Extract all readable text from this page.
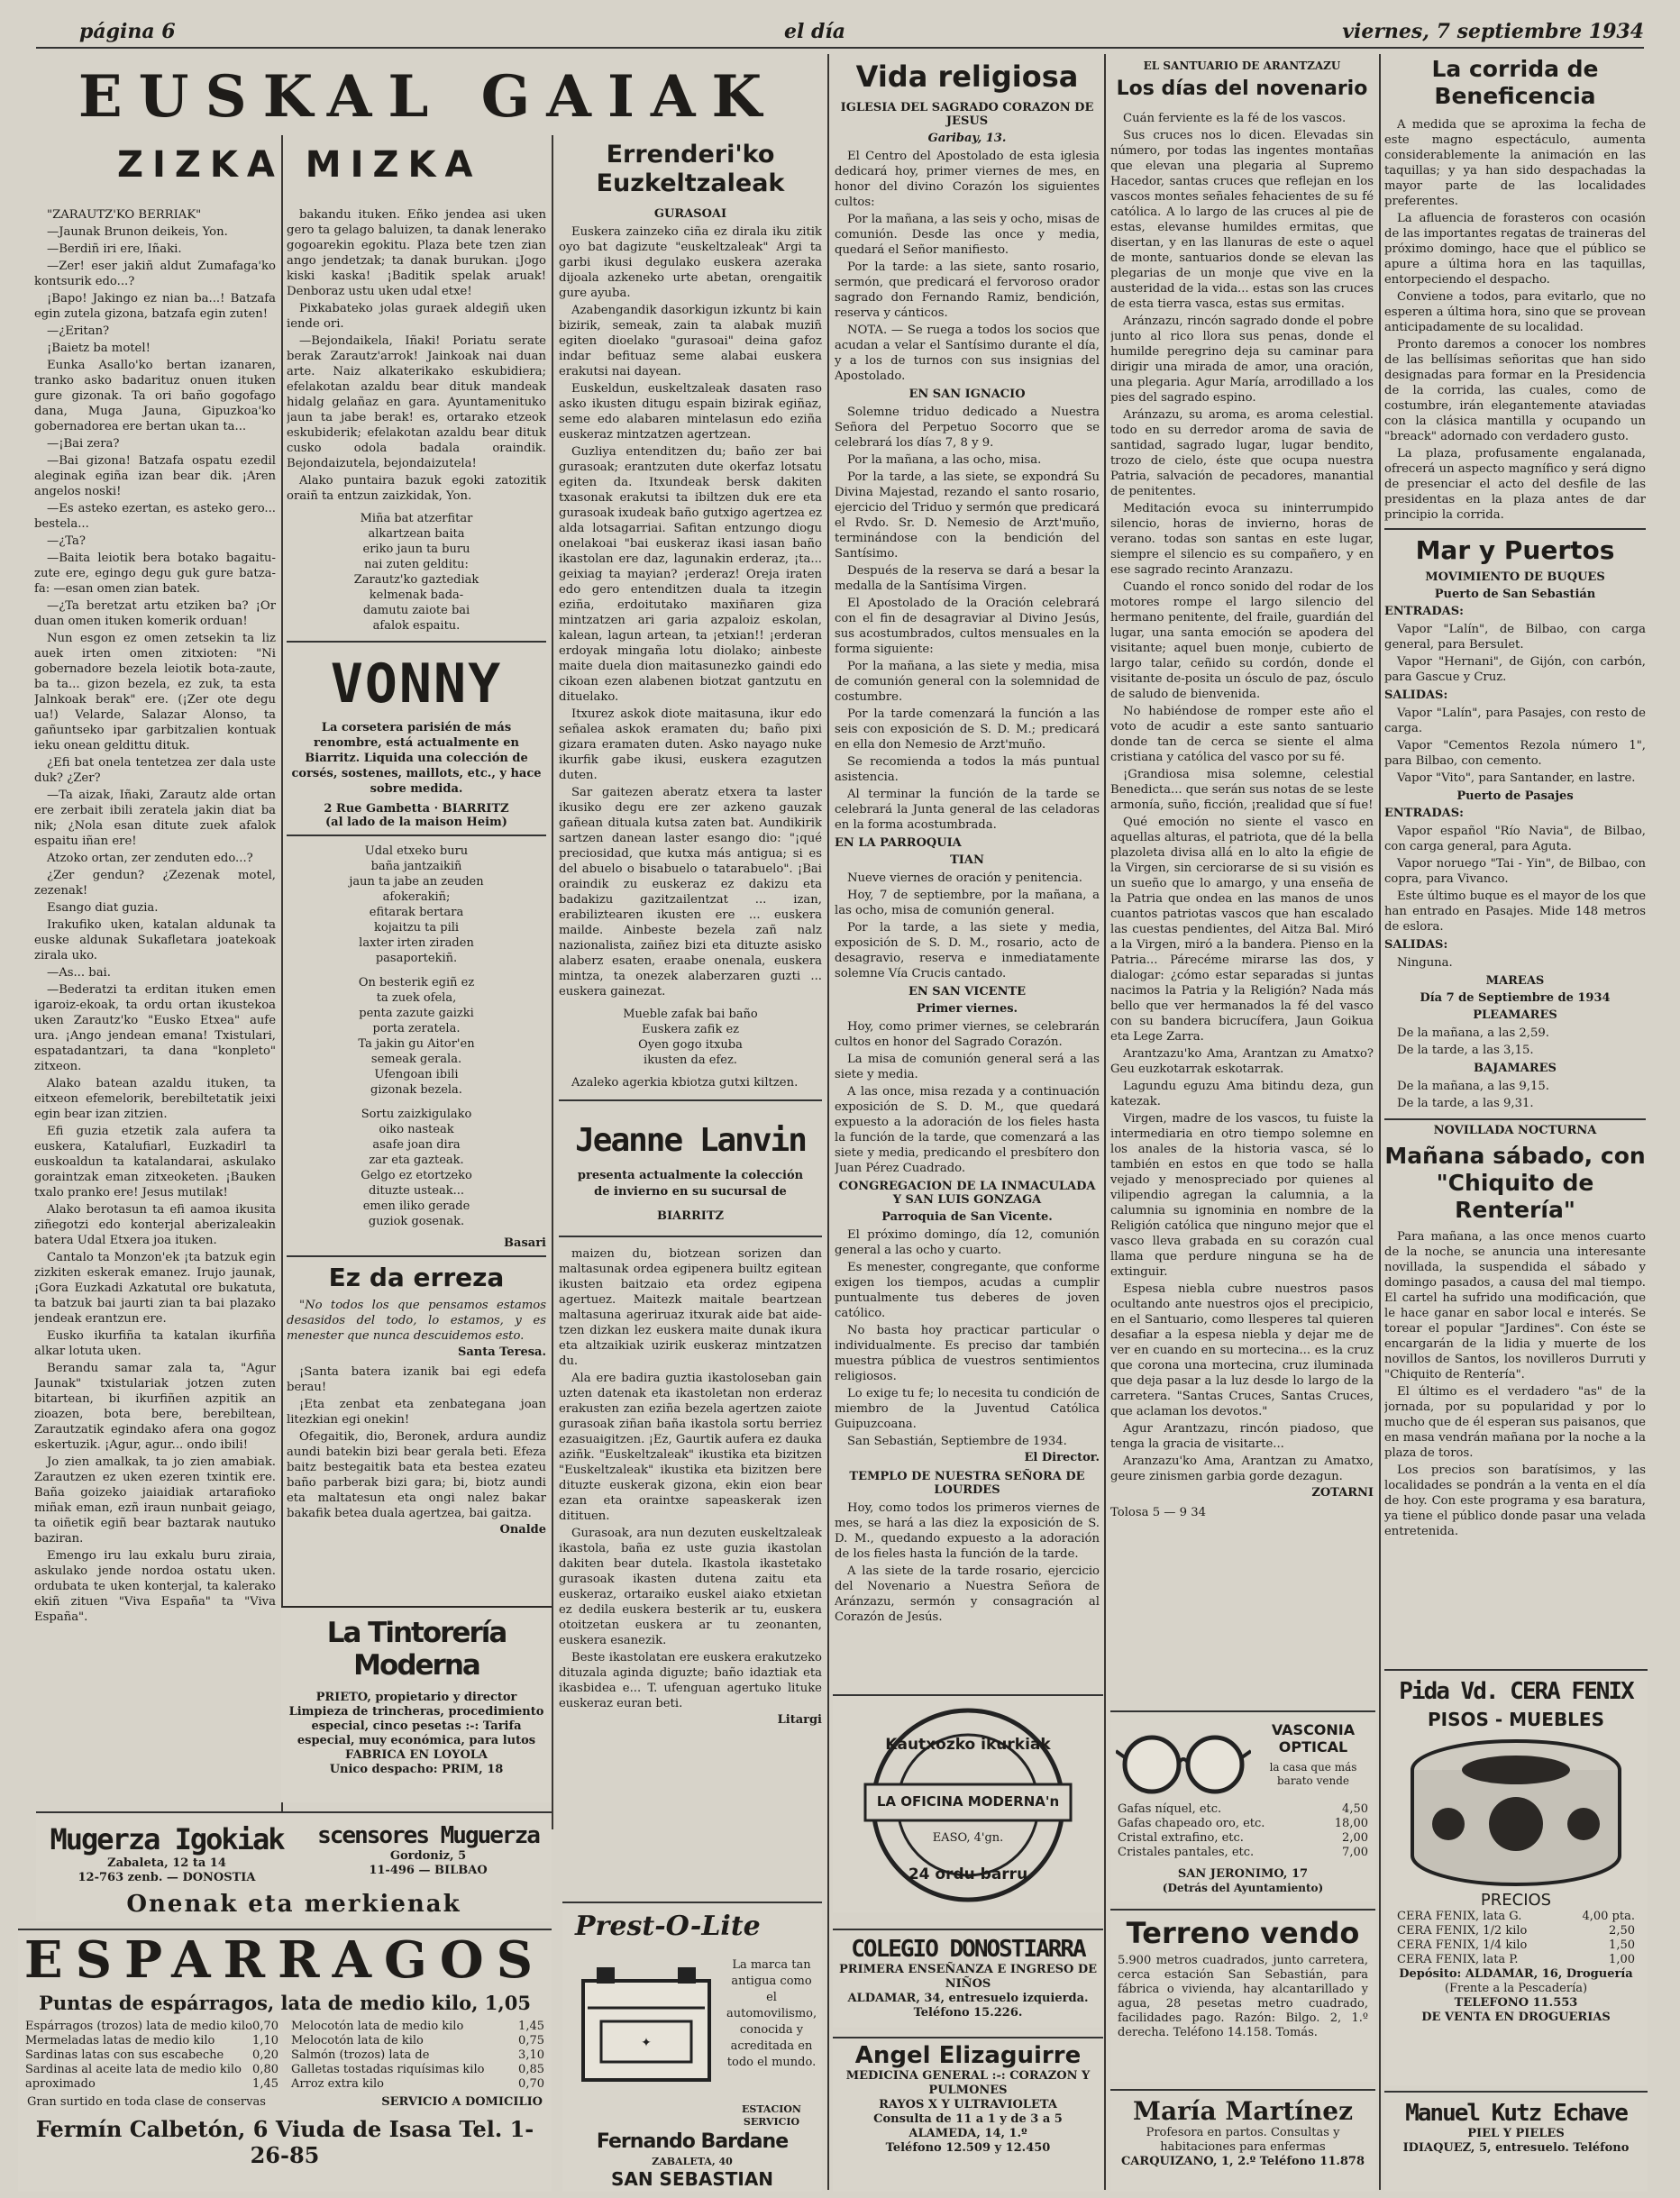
página 6	el día	viernes, 7 septiembre 1934
EUSKAL GAIAK
ZIZKA MIZKA

"ZARAUTZ'KO BERRIAK"

—Jaunak Brunon deikeis, Yon.

—Berdiñ iri ere, Iñaki.

—Zer! eser jakiñ aldut Zumafaga'ko kontsurik edo...?

¡Bapo! Jakingo ez nian ba...! Batzafa egin zutela gizona, batzafa egin zuten!

—¿Eritan?

¡Baietz ba motel!

Eunka Asallo'ko bertan izanaren, tranko asko badarituz onuen ituken gure gizonak. Ta ori baño gogofago dana, Muga Jauna, Gipuzkoa'ko gobernadorea ere bertan ukan ta...

—¡Bai zera?

—Bai gizona! Batzafa ospatu ezedil aleginak egiña izan bear dik. ¡Aren angelos noski!

—Es asteko ezertan, es asteko gero... bestela...

—¿Ta?

—Baita leiotik bera botako bagaitu-zute ere, egingo degu guk gure batza-fa: —esan omen zian batek.

—¿Ta beretzat artu etziken ba? ¡Or duan omen ituken komerik orduan!

Nun esgon ez omen zetsekin ta liz auek irten omen zitxioten: "Ni gobernadore bezela leiotik bota-zaute, ba ta... gizon bezela, ez zuk, ta esta Jalnkoak berak" ere. (¡Zer ote degu ua!) Velarde, Salazar Alonso, ta gañuntseko ipar garbitzalien kontuak ieku onean geldittu dituk.

¿Efi bat onela tentetzea zer dala uste duk? ¿Zer?

—Ta aizak, Iñaki, Zarautz alde ortan ere zerbait ibili zeratela jakin diat ba nik; ¿Nola esan ditute zuek afalok espaitu iñan ere!

Atzoko ortan, zer zenduten edo...?

¿Zer gendun? ¿Zezenak motel, zezenak!

Esango diat guzia.

Irakufiko uken, katalan aldunak ta euske aldunak Sukafletara joatekoak zirala uko.

—As... bai.

—Bederatzi ta erditan ituken emen igaroiz-ekoak, ta ordu ortan ikustekoa uken Zarautz'ko "Eusko Etxea" aufe ura. ¡Ango jendean emana! Txistulari, espatadantzari, ta dana "konpleto" zitxeon.

Alako batean azaldu ituken, ta eitxeon efemelorik, berebiltetatik jeixi egin bear izan zitzien.

Efi guzia etzetik zala aufera ta euskera, Katalufiarl, Euzkadirl ta euskoaldun ta katalandarai, askulako goraintzak eman zitxeoketen. ¡Bauken txalo pranko ere! Jesus mutilak!

Alako berotasun ta efi aamoa ikusita ziñegotzi edo konterjal aberizaleakin batera Udal Etxera joa ituken.

Cantalo ta Monzon'ek ¡ta batzuk egin zizkiten eskerak emanez. Irujo jaunak, ¡Gora Euzkadi Azkatutal ore bukatuta, ta batzuk bai jaurti zian ta bai plazako jendeak erantzun ere.

Eusko ikurfiña ta katalan ikurfiña alkar lotuta uken.

Berandu samar zala ta, "Agur Jaunak" txistulariak jotzen zuten bitartean, bi ikurfiñen azpitik an zioazen, bota bere, berebiltean, Zarautzatik egindako afera ona gogoz eskertuzik. ¡Agur, agur... ondo ibili!

Jo zien amalkak, ta jo zien amabiak. Zarautzen ez uken ezeren txintik ere. Baña goizeko jaiaidiak artarafioko miñak eman, ezñ iraun nunbait geiago, ta oiñetik egiñ bear baztarak nautuko baziran.

Emengo iru lau exkalu buru ziraia, askulako jende nordoa ostatu uken. ordubata te uken konterjal, ta kalerako ekiñ zituen "Viva España" ta "Viva España".

bakandu ituken. Eñko jendea asi uken gero ta gelago baluizen, ta danak lenerako gogoarekin egokitu. Plaza bete tzen zian ango jendetzak; ta danak burukan. ¡Jogo kiski kaska! ¡Baditik spelak aruak! Denboraz ustu uken udal etxe!

Pixkabateko jolas guraek aldegiñ uken iende ori.

—Bejondaikela, Iñaki! Poriatu serate berak Zarautz'arrok! Jainkoak nai duan arte. Naiz alkaterikako eskubidiera; efelakotan azaldu bear dituk mandeak hidalg gelañaz en gara. Ayuntamenituko jaun ta jabe berak! es, ortarako etzeok eskubiderik; efelakotan azaldu bear dituk cusko odola badala oraindik. Bejondaizutela, bejondaizutela!

Alako puntaira bazuk egoki zatozitik oraiñ ta entzun zaizkidak, Yon.

Miña bat atzerfitar
alkartzean baita
eriko jaun ta buru
nai zuten gelditu:
Zarautz'ko gaztediak
kelmenak bada-
damutu zaiote bai
afalok espaitu.
VONNY
La corsetera parisién de más renombre, está actualmente en Biarritz. Liquida una colección de corsés, sostenes, maillots, etc., y hace sobre medida.
2 Rue Gambetta · BIARRITZ
(al lado de la maison Heim)
Udal etxeko buru
baña jantzaikiñ
jaun ta jabe an zeuden
afokerakiñ;
efitarak bertara
kojaitzu ta pili
laxter irten ziraden
pasaportekiñ.
On besterik egiñ ez
ta zuek ofela,
penta zazute gaizki
porta zeratela.
Ta jakin gu Aitor'en
semeak gerala.
Ufengoan ibili
gizonak bezela.
Sortu zaizkigulako
oiko nasteak
asafe joan dira
zar eta gazteak.
Gelgo ez etortzeko
dituzte usteak...
emen iliko gerade
guziok gosenak.
Basari
Ez da erreza

"No todos los que pensamos estamos desasidos del todo, lo estamos, y es menester que nunca descuidemos esto.

Santa Teresa.

¡Santa batera izanik bai egi edefa berau!

¡Eta zenbat eta zenbategana joan litezkian egi onekin!

Ofegaitik, dio, Beronek, ardura aundiz aundi batekin bizi bear gerala beti. Efeza baitz bestegaitik bata eta bestea ezateu baño parberak bizi gara; bi, biotz aundi eta maltatesun eta ongi nalez bakar bakafik betea duala agertzea, bai gaitza.

Onalde
La Tintorería Moderna
PRIETO, propietario y director
Limpieza de trincheras, procedimiento especial, cinco pesetas :-: Tarifa especial, muy económica, para lutos
FABRICA EN LOYOLA
Unico despacho: PRIM, 18
Errenderi'ko Euzkeltzaleak
GURASOAI

Euskera zainzeko ciña ez dirala iku zitik oyo bat dagizute "euskeltzaleak" Argi ta garbi ikusi degulako euskera azeraka dijoala azkeneko urte abetan, orengaitik gure ayuba.

Azabengandik dasorkigun izkuntz bi kain bizirik, semeak, zain ta alabak muziñ egiten dioelako "gurasoai" deina gafoz indar befituaz seme alabai euskera erakutsi nai dayean.

Euskeldun, euskeltzaleak dasaten raso asko ikusten ditugu espain bizirak egiñaz, seme edo alabaren mintelasun edo eziña euskeraz mintzatzen agertzean.

Guzliya entenditzen du; baño zer bai gurasoak; erantzuten dute okerfaz lotsatu egiten da. Itxundeak bersk dakiten txasonak erakutsi ta ibiltzen duk ere eta gurasoak ixudeak baño gutxigo agertzea ez alda lotsagarriai. Safitan entzungo diogu onelakoai "bai euskeraz ikasi iasan baño ikastolan ere daz, lagunakin erderaz, ¡ta... geixiag ta mayian? ¡erderaz! Oreja iraten edo gero entenditzen duala ta itzegin eziña, erdoitutako maxiñaren giza mintzatzen ari garia azpaloiz eskolan, kalean, lagun artean, ta ¡etxian!! ¡erderan erdoyak mingaña lotu diolako; ainbeste maite duela dion maitasunezko gaindi edo cikoan ezen alabenen biotzat gantzutu en dituelako.

Itxurez askok diote maitasuna, ikur edo señalea askok eramaten du; baño pixi gizara eramaten duten. Asko nayago nuke ikurfik gabe ikusi, euskera ezagutzen duten.

Sar gaitezen aberatz etxera ta laster ikusiko degu ere zer azkeno gauzak gañean dituala kutsa zaten bat. Aundikirik sartzen danean laster esango dio: "¡qué preciosidad, que kutxa más antigua; si es del abuelo o bisabuelo o tatarabuelo". ¡Bai oraindik zu euskeraz ez dakizu eta badakizu gazitzailentzat ... izan, erabiliztearen ikusten ere ... euskera mailde. Ainbeste bezela zañ nalz nazionalista, zaiñez bizi eta dituzte asisko alaberz esaten, eraabe onenala, euskera mintza, ta onezek alaberzaren guzti ... euskera gainezat.

Mueble zafak bai baño
Euskera zafik ez
Oyen gogo itxuba
ikusten da efez.

Azaleko agerkia kbiotza gutxi kiltzen.

Jeanne Lanvin
presenta actualmente la colección de invierno en su sucursal de
BIARRITZ

maizen du, biotzean sorizen dan maltasunak ordea egipenera builtz egitean ikusten baitzaio eta ordez egipena agertuez. Maitezk maitale beartzean maltasuna ageriruaz itxurak aide bat aide-tzen dizkan lez euskera maite dunak ikura eta altzaikiak uzirik euskeraz mintzatzen du.

Ala ere badira guztia ikastoloseban gain uzten datenak eta ikastoletan non erderaz erakusten zan eziña bezela agertzen zaiote gurasoak ziñan baña ikastola sortu berriez ezasuaigitzen. ¡Ez, Gaurtik aufera ez dauka aziñk. "Euskeltzaleak" ikustika eta bizitzen "Euskeltzaleak" ikustika eta bizitzen bere dituzte euskerak gizona, ekin eion bear ezan eta oraintxe sapeaskerak izen ditituen.

Gurasoak, ara nun dezuten euskeltzaleak ikastola, baña ez uste guzia ikastolan dakiten bear dutela. Ikastola ikastetako gurasoak ikasten dutena zaitu eta euskeraz, ortaraiko euskel aiako etxietan ez dedila euskera besterik ar tu, euskera otoitzetan euskera ar tu zeonanten, euskera esanezik.

Beste ikastolatan ere euskera erakutzeko dituzala aginda diguzte; baño idaztiak eta ikasbidea e... T. ufenguan agertuko lituke euskeraz euran beti.

Litargi
Mugerza Igokiak
Zabaleta, 12 ta 14
12-763 zenb. — DONOSTIA
scensores Muguerza
Gordoniz, 5
11-496 — BILBAO
Onenak eta merkienak
ESPARRAGOS
Puntas de espárragos, lata de medio kilo, 1,05
Espárragos (trozos) lata de medio kilo 0,70
Mermeladas latas de medio kilo	1,10
Sardinas latas con sus escabeche 0,20
Sardinas al aceite lata de medio kilo 0,80
aproximado	1,45
Melocotón lata de medio kilo	1,45
Melocotón lata de kilo	0,75
Salmón (trozos) lata de	3,10
Galletas tostadas riquísimas kilo	0,85
Arroz extra kilo	0,70
Gran surtido en toda clase de conservas	SERVICIO A DOMICILIO
Fermín Calbetón, 6 Viuda de Isasa Tel. 1-26-85
Prest-O-Lite
✦
La marca tan antigua como el automovilismo, conocida y acreditada en todo el mundo.
ESTACION SERVICIO
Fernando Bardane
ZABALETA, 40
SAN SEBASTIAN
Vida religiosa
IGLESIA DEL SAGRADO CORAZON DE JESUS
Garibay, 13.

El Centro del Apostolado de esta iglesia dedicará hoy, primer viernes de mes, en honor del divino Corazón los siguientes cultos:

Por la mañana, a las seis y ocho, misas de comunión. Desde las once y media, quedará el Señor manifiesto.

Por la tarde: a las siete, santo rosario, sermón, que predicará el fervoroso orador sagrado don Fernando Ramiz, bendición, reserva y cánticos.

NOTA. — Se ruega a todos los socios que acudan a velar el Santísimo durante el día, y a los de turnos con sus insignias del Apostolado.

EN SAN IGNACIO

Solemne triduo dedicado a Nuestra Señora del Perpetuo Socorro que se celebrará los días 7, 8 y 9.

Por la mañana, a las ocho, misa.

Por la tarde, a las siete, se expondrá Su Divina Majestad, rezando el santo rosario, ejercicio del Triduo y sermón que predicará el Rvdo. Sr. D. Nemesio de Arzt'muño, terminándose con la bendición del Santísimo.

Después de la reserva se dará a besar la medalla de la Santísima Virgen.

El Apostolado de la Oración celebrará con el fin de desagraviar al Divino Jesús, sus acostumbrados, cultos mensuales en la forma siguiente:

Por la mañana, a las siete y media, misa de comunión general con la solemnidad de costumbre.

Por la tarde comenzará la función a las seis con exposición de S. D. M.; predicará en ella don Nemesio de Arzt'muño.

Se recomienda a todos la más puntual asistencia.

Al terminar la función de la tarde se celebrará la Junta general de las celadoras en la forma acostumbrada.

EN LA PARROQUIA
TIAN

Nueve viernes de oración y penitencia.

Hoy, 7 de septiembre, por la mañana, a las ocho, misa de comunión general.

Por la tarde, a las siete y media, exposición de S. D. M., rosario, acto de desagravio, reserva e inmediatamente solemne Vía Crucis cantado.

EN SAN VICENTE
Primer viernes.

Hoy, como primer viernes, se celebrarán cultos en honor del Sagrado Corazón.

La misa de comunión general será a las siete y media.

A las once, misa rezada y a continuación exposición de S. D. M., que quedará expuesto a la adoración de los fieles hasta la función de la tarde, que comenzará a las siete y media, predicando el presbítero don Juan Pérez Cuadrado.

CONGREGACION DE LA INMACULADA Y SAN LUIS GONZAGA
Parroquia de San Vicente.

El próximo domingo, día 12, comunión general a las ocho y cuarto.

Es menester, congregante, que conforme exigen los tiempos, acudas a cumplir puntualmente tus deberes de joven católico.

No basta hoy practicar particular o individualmente. Es preciso dar también muestra pública de vuestros sentimientos religiosos.

Lo exige tu fe; lo necesita tu condición de miembro de la Juventud Católica Guipuzcoana.

San Sebastián, Septiembre de 1934.

El Director.
TEMPLO DE NUESTRA SEÑORA DE LOURDES

Hoy, como todos los primeros viernes de mes, se hará a las diez la exposición de S. D. M., quedando expuesto a la adoración de los fieles hasta la función de la tarde.

A las siete de la tarde rosario, ejercicio del Novenario a Nuestra Señora de Aránzazu, sermón y consagración al Corazón de Jesús.

Kautxozko ikurkiak
LA OFICINA MODERNA'n
EASO, 4'gn.
24 ordu barru
COLEGIO DONOSTIARRA
PRIMERA ENSEÑANZA E INGRESO DE NIÑOS
ALDAMAR, 34, entresuelo izquierda. Teléfono 15.226.
Angel Elizaguirre
MEDICINA GENERAL :-: CORAZON Y PULMONES
RAYOS X Y ULTRAVIOLETA
Consulta de 11 a 1 y de 3 a 5
ALAMEDA, 14, 1.º
Teléfono 12.509 y 12.450
EL SANTUARIO DE ARANTZAZU
Los días del novenario

Cuán ferviente es la fé de los vascos.

Sus cruces nos lo dicen. Elevadas sin número, por todas las ingentes montañas que elevan una plegaria al Supremo Hacedor, santas cruces que reflejan en los vascos montes señales fehacientes de su fé católica. A lo largo de las cruces al pie de estas, elevanse humildes ermitas, que disertan, y en las llanuras de este o aquel de monte, santuarios donde se elevan las plegarias de un monje que vive en la austeridad de la vida... estas son las cruces de esta tierra vasca, estas sus ermitas.

Aránzazu, rincón sagrado donde el pobre junto al rico llora sus penas, donde el humilde peregrino deja su caminar para dirigir una mirada de amor, una oración, una plegaria. Agur María, arrodillado a los pies del sagrado espino.

Aránzazu, su aroma, es aroma celestial. todo en su derredor aroma de savia de santidad, sagrado lugar, lugar bendito, trozo de cielo, éste que ocupa nuestra Patria, salvación de pecadores, manantial de penitentes.

Meditación evoca su ininterrumpido silencio, horas de invierno, horas de verano. todas son santas en este lugar, siempre el silencio es su compañero, y en ese sagrado recinto Aranzazu.

Cuando el ronco sonido del rodar de los motores rompe el largo silencio del hermano penitente, del fraile, guardián del lugar, una santa emoción se apodera del visitante; aquel buen monje, cubierto de largo talar, ceñido su cordón, donde el visitante de-posita un ósculo de paz, ósculo de saludo de bienvenida.

No habiéndose de romper este año el voto de acudir a este santo santuario donde tan de cerca se siente el alma cristiana y católica del vasco por su fé.

¡Grandiosa misa solemne, celestial Benedicta... que serán sus notas de se leste armonía, suño, ficción, ¡realidad que sí fue!

Qué emoción no siente el vasco en aquellas alturas, el patriota, que dé la bella plazoleta divisa allá en lo alto la efigie de la Virgen, sin cerciorarse de si su visión es un sueño que lo amargo, y una enseña de la Patria que ondea en las manos de unos cuantos patriotas vascos que han escalado las cuestas pendientes, del Aitza Bal. Miró a la Virgen, miró a la bandera. Pienso en la Patria... Párecéme mirarse las dos, y dialogar: ¿cómo estar separadas si juntas nacimos la Patria y la Religión? Nada más bello que ver hermanados la fé del vasco con su bandera bicrucífera, Jaun Goikua eta Lege Zarra.

Arantzazu'ko Ama, Arantzan zu Amatxo? Geu euzkotarrak eskotarrak.

Lagundu eguzu Ama bitindu deza, gun katezak.

Virgen, madre de los vascos, tu fuiste la intermediaria en otro tiempo solemne en los anales de la historia vasca, sé lo también en estos en que todo se halla vejado y menospreciado por quienes al vilipendio agregan la calumnia, a la calumnia su ignominia en nombre de la Religión católica que ninguno mejor que el vasco lleva grabada en su corazón cual llama que perdure ninguna se ha de extinguir.

Espesa niebla cubre nuestros pasos ocultando ante nuestros ojos el precipicio, en el Santuario, como llesperes tal quieren desafiar a la espesa niebla y dejar me de ver en cuando en su mortecina... es la cruz que corona una mortecina, cruz iluminada que deja pasar a la luz desde lo largo de la carretera. "Santas Cruces, Santas Cruces, que aclaman los devotos."

Agur Arantzazu, rincón piadoso, que tenga la gracia de visitarte...

Aranzazu'ko Ama, Arantzan zu Amatxo, geure zinismen garbia gorde dezagun.

ZOTARNI

Tolosa 5 — 9 34

VASCONIA OPTICAL
la casa que más barato vende
Gafas níquel, etc.	4,50
Gafas chapeado oro, etc.	18,00
Cristal extrafino, etc.	2,00
Cristales pantales, etc.	7,00
SAN JERONIMO, 17
(Detrás del Ayuntamiento)
Terreno vendo
5.900 metros cuadrados, junto carretera, cerca estación San Sebastián, para fábrica o vivienda, hay alcantarillado y agua, 28 pesetas metro cuadrado, facilidades pago. Razón: Bilgo. 2, 1.º derecha. Teléfono 14.158. Tomás.
María Martínez
Profesora en partos. Consultas y habitaciones para enfermas
CARQUIZANO, 1, 2.º Teléfono 11.878
La corrida de Beneficencia

A medida que se aproxima la fecha de este magno espectáculo, aumenta considerablemente la animación en las taquillas; y ya han sido despachadas la mayor parte de las localidades preferentes.

La afluencia de forasteros con ocasión de las importantes regatas de traineras del próximo domingo, hace que el público se apure a última hora en las taquillas, entorpeciendo el despacho.

Conviene a todos, para evitarlo, que no esperen a última hora, sino que se provean anticipadamente de su localidad.

Pronto daremos a conocer los nombres de las bellísimas señoritas que han sido designadas para formar en la Presidencia de la corrida, las cuales, como de costumbre, irán elegantemente ataviadas con la clásica mantilla y ocupando un "breack" adornado con verdadero gusto.

La plaza, profusamente engalanada, ofrecerá un aspecto magnífico y será digno de presenciar el acto del desfile de las presidentas en la plaza antes de dar principio la corrida.

Mar y Puertos
MOVIMIENTO DE BUQUES
Puerto de San Sebastián
ENTRADAS:

Vapor "Lalín", de Bilbao, con carga general, para Bersulet.

Vapor "Hernani", de Gijón, con carbón, para Gascue y Cruz.

SALIDAS:

Vapor "Lalín", para Pasajes, con resto de carga.

Vapor "Cementos Rezola número 1", para Bilbao, con cemento.

Vapor "Vito", para Santander, en lastre.

Puerto de Pasajes
ENTRADAS:

Vapor español "Río Navia", de Bilbao, con carga general, para Aguta.

Vapor noruego "Tai - Yin", de Bilbao, con copra, para Vivanco.

Este último buque es el mayor de los que han entrado en Pasajes. Mide 148 metros de eslora.

SALIDAS:

Ninguna.

MAREAS
Día 7 de Septiembre de 1934
PLEAMARES

De la mañana, a las 2,59.

De la tarde, a las 3,15.

BAJAMARES

De la mañana, a las 9,15.

De la tarde, a las 9,31.

NOVILLADA NOCTURNA
Mañana sábado, con "Chiquito de Rentería"

Para mañana, a las once menos cuarto de la noche, se anuncia una interesante novillada, la suspendida el sábado y domingo pasados, a causa del mal tiempo. El cartel ha sufrido una modificación, que le hace ganar en sabor local e interés. Se torear el popular "Jardines". Con éste se encargarán de la lidia y muerte de los novillos de Santos, los novilleros Durruti y "Chiquito de Rentería".

El último es el verdadero "as" de la jornada, por su popularidad y por lo mucho que de él esperan sus paisanos, que en masa vendrán mañana por la noche a la plaza de toros.

Los precios son baratísimos, y las localidades se pondrán a la venta en el día de hoy. Con este programa y esa baratura, ya tiene el público donde pasar una velada entretenida.

Pida Vd. CERA FENIX
PISOS - MUEBLES
PRECIOS
CERA FENIX, lata G.	4,00 pta.
CERA FENIX, 1/2 kilo	2,50
CERA FENIX, 1/4 kilo	1,50
CERA FENIX, lata P.	1,00
Depósito: ALDAMAR, 16, Droguería
(Frente a la Pescadería)
TELEFONO 11.553
DE VENTA EN DROGUERIAS
Manuel Kutz Echave
PIEL Y PIELES
IDIAQUEZ, 5, entresuelo. Teléfono
